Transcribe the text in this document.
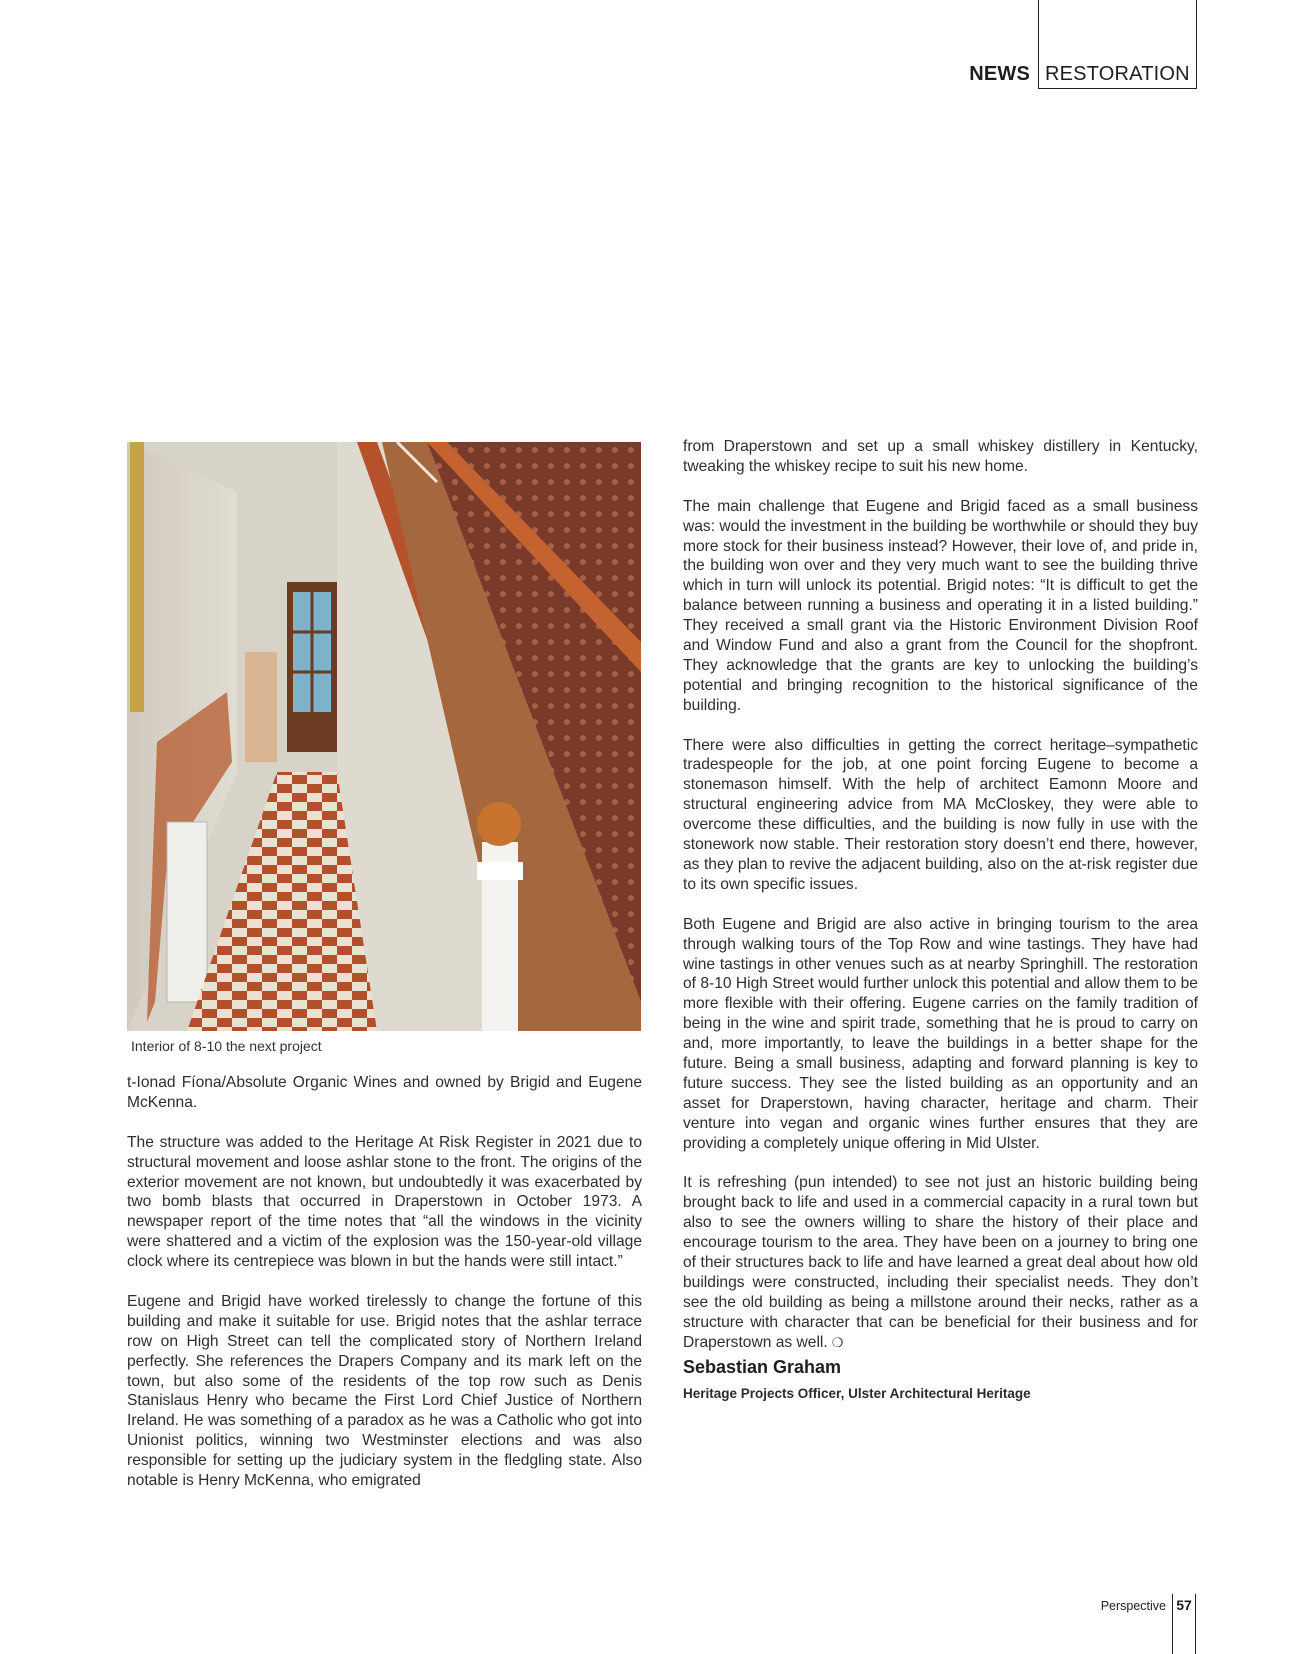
NEWS RESTORATION
Interior of 8-10 the next project

t-Ionad Fíona/Absolute Organic Wines and owned by Brigid and Eugene McKenna.

The structure was added to the Heritage At Risk Register in 2021 due to structural movement and loose ashlar stone to the front. The origins of the exterior movement are not known, but undoubtedly it was exacerbated by two bomb blasts that occurred in Draperstown in October 1973. A newspaper report of the time notes that “all the windows in the vicinity were shattered and a victim of the explosion was the 150-year-old village clock where its centrepiece was blown in but the hands were still intact.”

Eugene and Brigid have worked tirelessly to change the fortune of this building and make it suitable for use. Brigid notes that the ashlar terrace row on High Street can tell the complicated story of Northern Ireland perfectly. She references the Drapers Company and its mark left on the town, but also some of the residents of the top row such as Denis Stanislaus Henry who became the First Lord Chief Justice of Northern Ireland. He was something of a paradox as he was a Catholic who got into Unionist politics, winning two Westminster elections and was also responsible for setting up the judiciary system in the fledgling state. Also notable is Henry McKenna, who emigrated

from Draperstown and set up a small whiskey distillery in Kentucky, tweaking the whiskey recipe to suit his new home.

The main challenge that Eugene and Brigid faced as a small business was: would the investment in the building be worthwhile or should they buy more stock for their business instead? However, their love of, and pride in, the building won over and they very much want to see the building thrive which in turn will unlock its potential. Brigid notes: “It is difficult to get the balance between running a business and operating it in a listed building.” They received a small grant via the Historic Environment Division Roof and Window Fund and also a grant from the Council for the shopfront. They acknowledge that the grants are key to unlocking the building’s potential and bringing recognition to the historical significance of the building.

There were also difficulties in getting the correct heritage–sympathetic tradespeople for the job, at one point forcing Eugene to become a stonemason himself. With the help of architect Eamonn Moore and structural engineering advice from MA McCloskey, they were able to overcome these difficulties, and the building is now fully in use with the stonework now stable. Their restoration story doesn’t end there, however, as they plan to revive the adjacent building, also on the at-risk register due to its own specific issues.

Both Eugene and Brigid are also active in bringing tourism to the area through walking tours of the Top Row and wine tastings. They have had wine tastings in other venues such as at nearby Springhill. The restoration of 8-10 High Street would further unlock this potential and allow them to be more flexible with their offering. Eugene carries on the family tradition of being in the wine and spirit trade, something that he is proud to carry on and, more importantly, to leave the buildings in a better shape for the future. Being a small business, adapting and forward planning is key to future success. They see the listed building as an opportunity and an asset for Draperstown, having character, heritage and charm. Their venture into vegan and organic wines further ensures that they are providing a completely unique offering in Mid Ulster.

It is refreshing (pun intended) to see not just an historic building being brought back to life and used in a commercial capacity in a rural town but also to see the owners willing to share the history of their place and encourage tourism to the area. They have been on a journey to bring one of their structures back to life and have learned a great deal about how old buildings were constructed, including their specialist needs. They don’t see the old building as being a millstone around their necks, rather as a structure with character that can be beneficial for their business and for Draperstown as well. ❍

Sebastian Graham
Heritage Projects Officer, Ulster Architectural Heritage
Perspective 57
